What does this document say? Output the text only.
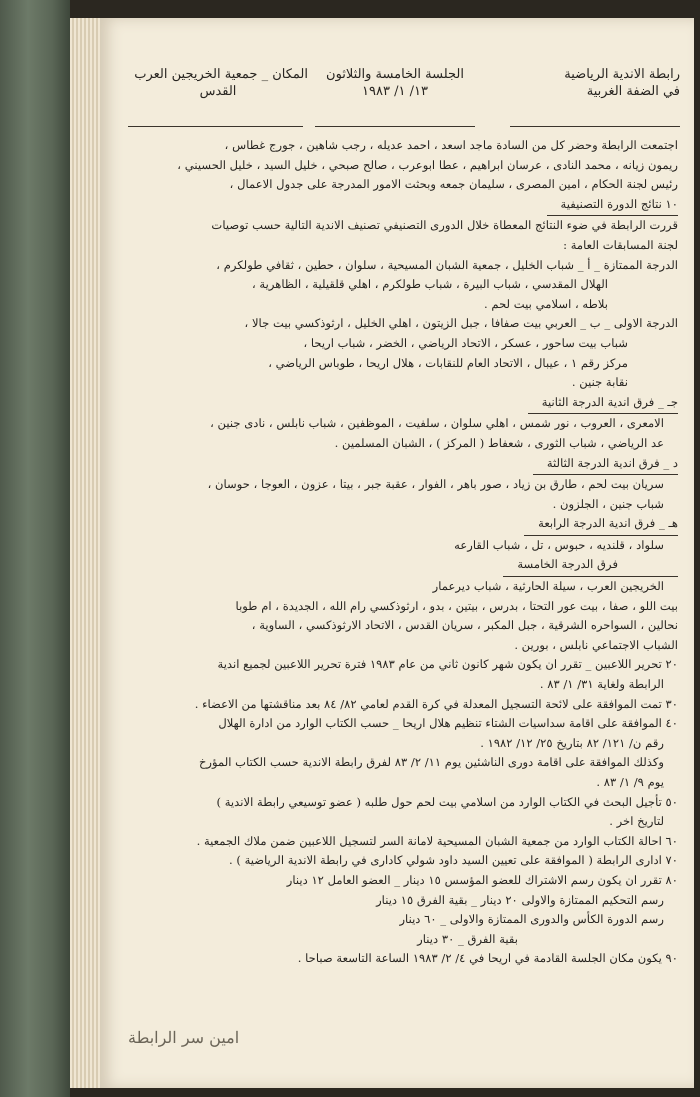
رابطة الاندية الرياضية
في الضفة الغربية
الجلسة الخامسة والثلاثون
١٣/ ١/ ١٩٨٣
المكان _ جمعية الخريجين العرب
القدس

اجتمعت الرابطة وحضر كل من السادة ماجد اسعد ، احمد عديله ، رجب شاهين ، جورج غطاس ،

ريمون زيانه ، محمد النادى ، عرسان ابراهيم ، عطا ابوعرب ، صالح صبحي ، خليل السيد ، خليل الحسيني ،

رئيس لجنة الحكام ، امين المصرى ، سليمان جمعه وبحثت الامور المدرجة على جدول الاعمال ،

١٠ نتائج الدورة التصنيفية

قررت الرابطة في ضوء النتائج المعطاة خلال الدورى التصنيفي تصنيف الاندية التالية حسب توصيات

لجنة المسابقات العامة :

الدرجة الممتازة _ أ _ شباب الخليل ، جمعية الشبان المسيحية ، سلوان ، حطين ، ثقافي طولكرم ،

الهلال المقدسي ، شباب البيرة ، شباب طولكرم ، اهلي قلقيلية ، الظاهرية ،

بلاطه ، اسلامي بيت لحم .

الدرجة الاولى _ ب _ العربي بيت صفافا ، جبل الزيتون ، اهلي الخليل ، ارثوذكسي بيت جالا ،

شباب بيت ساحور ، عسكر ، الاتحاد الرياضي ، الخضر ، شباب اريحا ،

مركز رقم ١ ، عيبال ، الاتحاد العام للنقابات ، هلال اريحا ، طوباس الرياضي ،

نقابة جنين .

جـ _ فرق اندية الدرجة الثانية

الامعرى ، العروب ، نور شمس ، اهلي سلوان ، سلفيت ، الموظفين ، شباب نابلس ، نادى جنين ،

عد الرياضي ، شباب الثورى ، شعفاط ( المركز ) ، الشبان المسلمين .

د _ فرق اندية الدرجة الثالثة

سريان بيت لحم ، طارق بن زياد ، صور باهر ، الفوار ، عقبة جبر ، بيتا ، عزون ، العوجا ، حوسان ،

شباب جنين ، الجلزون .

هـ _ فرق اندية الدرجة الرابعة

سلواد ، قلنديه ، حبوس ، تل ، شباب القارعه

فرق الدرجة الخامسة

الخريجين العرب ، سيلة الحارثية ، شباب ديرعمار

بيت اللو ، صفا ، بيت عور التحتا ، بدرس ، بيتين ، بدو ، ارثوذكسي رام الله ، الجديدة ، ام طوبا

نحالين ، السواحره الشرقية ، جبل المكبر ، سريان القدس ، الاتحاد الارثوذكسي ، الساوية ،

الشباب الاجتماعي نابلس ، بورين .

٢٠ تحرير اللاعبين _ تقرر ان يكون شهر كانون ثاني من عام ١٩٨٣ فترة تحرير اللاعبين لجميع اندية

الرابطة ولغاية ٣١/ ١/ ٨٣ .

٣٠ تمت الموافقة على لائحة التسجيل المعدلة في كرة القدم لعامي ٨٢/ ٨٤ بعد مناقشتها من الاعضاء .

٤٠ الموافقة على اقامة سداسيات الشتاء تنظيم هلال اريحا _ حسب الكتاب الوارد من ادارة الهلال

رقم ن/ ١٢١/ ٨٢ بتاريخ ٢٥/ ١٢/ ١٩٨٢ .

وكذلك الموافقة على اقامة دورى الناشئين يوم ١١/ ٢/ ٨٣ لفرق رابطة الاندية حسب الكتاب المؤرخ

يوم ٩/ ١/ ٨٣ .

٥٠ تأجيل البحث في الكتاب الوارد من اسلامي بيت لحم حول طلبه ( عضو توسيعي رابطة الاندية )

لتاريخ اخر .

٦٠ احالة الكتاب الوارد من جمعية الشبان المسيحية لامانة السر لتسجيل اللاعبين ضمن ملاك الجمعية .

٧٠ ادارى الرابطة ( الموافقة على تعيين السيد داود شولي كادارى في رابطة الاندية الرياضية ) .

٨٠ تقرر ان يكون رسم الاشتراك للعضو المؤسس ١٥ دينار _ العضو العامل ١٢ دينار

رسم التحكيم الممتازة والاولى ٢٠ دينار _ بقية الفرق ١٥ دينار

رسم الدورة الكأس والدورى الممتازة والاولى _ ٦٠ دينار

بقية الفرق _ ٣٠ دينار

٩٠ يكون مكان الجلسة القادمة في اريحا في ٤/ ٢/ ١٩٨٣ الساعة التاسعة صباحا .

امين سر الرابطة
